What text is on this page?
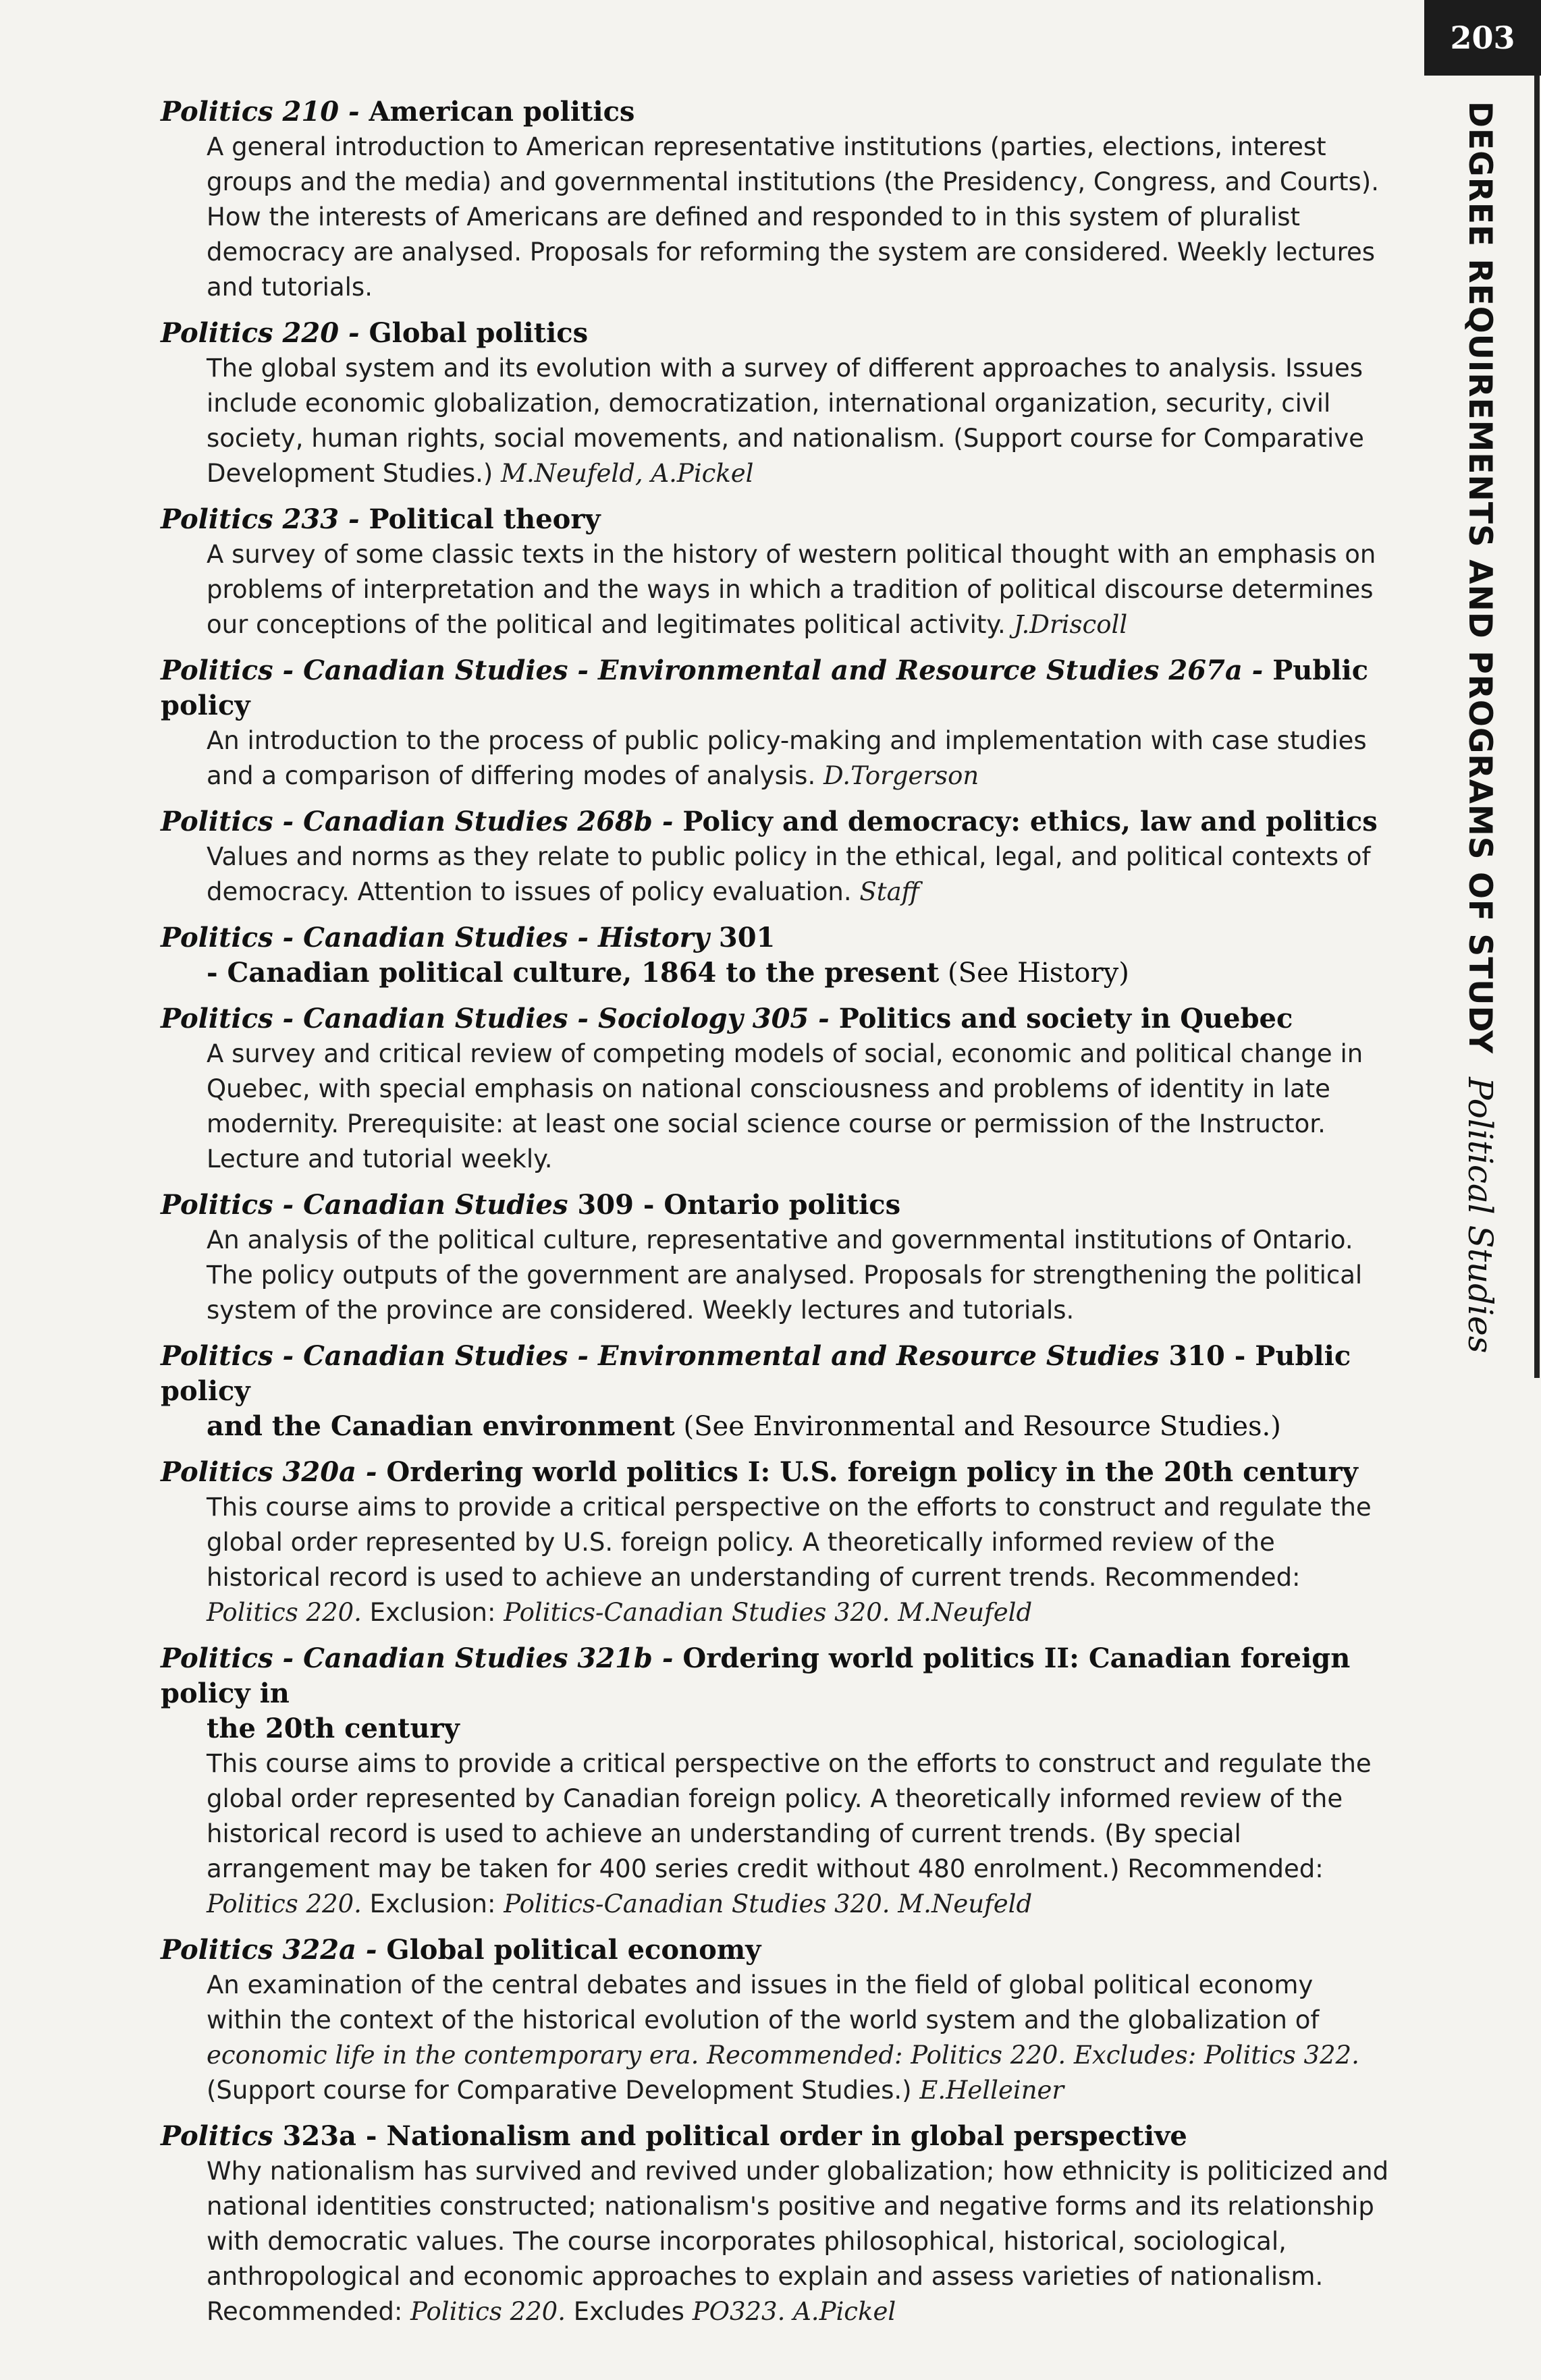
203
DEGREE REQUIREMENTS AND PROGRAMS OF STUDY
Political Studies
Politics 210 - American politics
A general introduction to American representative institutions (parties, elections, interest groups and the media) and governmental institutions (the Presidency, Congress, and Courts). How the interests of Americans are defined and responded to in this system of pluralist democracy are analysed. Proposals for reforming the system are considered. Weekly lectures and tutorials.
Politics 220 - Global politics
The global system and its evolution with a survey of different approaches to analysis. Issues include economic globalization, democratization, international organization, security, civil society, human rights, social movements, and nationalism. (Support course for Comparative Development Studies.) M.Neufeld, A.Pickel
Politics 233 - Political theory
A survey of some classic texts in the history of western political thought with an emphasis on problems of interpretation and the ways in which a tradition of political discourse determines our conceptions of the political and legitimates political activity. J.Driscoll
Politics - Canadian Studies - Environmental and Resource Studies 267a - Public policy
An introduction to the process of public policy-making and implementation with case studies and a comparison of differing modes of analysis. D.Torgerson
Politics - Canadian Studies 268b - Policy and democracy: ethics, law and politics
Values and norms as they relate to public policy in the ethical, legal, and political contexts of democracy. Attention to issues of policy evaluation. Staff
Politics - Canadian Studies - History 301
- Canadian political culture, 1864 to the present (See History)
Politics - Canadian Studies - Sociology 305 - Politics and society in Quebec
A survey and critical review of competing models of social, economic and political change in Quebec, with special emphasis on national consciousness and problems of identity in late modernity. Prerequisite: at least one social science course or permission of the Instructor. Lecture and tutorial weekly.
Politics - Canadian Studies 309 - Ontario politics
An analysis of the political culture, representative and governmental institutions of Ontario. The policy outputs of the government are analysed. Proposals for strengthening the political system of the province are considered. Weekly lectures and tutorials.
Politics - Canadian Studies - Environmental and Resource Studies 310 - Public policy
and the Canadian environment (See Environmental and Resource Studies.)
Politics 320a - Ordering world politics I: U.S. foreign policy in the 20th century
This course aims to provide a critical perspective on the efforts to construct and regulate the global order represented by U.S. foreign policy. A theoretically informed review of the historical record is used to achieve an understanding of current trends. Recommended: Politics 220. Exclusion: Politics-Canadian Studies 320. M.Neufeld
Politics - Canadian Studies 321b - Ordering world politics II: Canadian foreign policy in
the 20th century
This course aims to provide a critical perspective on the efforts to construct and regulate the global order represented by Canadian foreign policy. A theoretically informed review of the historical record is used to achieve an understanding of current trends. (By special arrangement may be taken for 400 series credit without 480 enrolment.) Recommended: Politics 220. Exclusion: Politics-Canadian Studies 320. M.Neufeld
Politics 322a - Global political economy
An examination of the central debates and issues in the field of global political economy within the context of the historical evolution of the world system and the globalization of economic life in the contemporary era. Recommended: Politics 220. Excludes: Politics 322. (Support course for Comparative Development Studies.) E.Helleiner
Politics 323a - Nationalism and political order in global perspective
Why nationalism has survived and revived under globalization; how ethnicity is politicized and national identities constructed; nationalism's positive and negative forms and its relationship with democratic values. The course incorporates philosophical, historical, sociological, anthropological and economic approaches to explain and assess varieties of nationalism. Recommended: Politics 220. Excludes PO323. A.Pickel
